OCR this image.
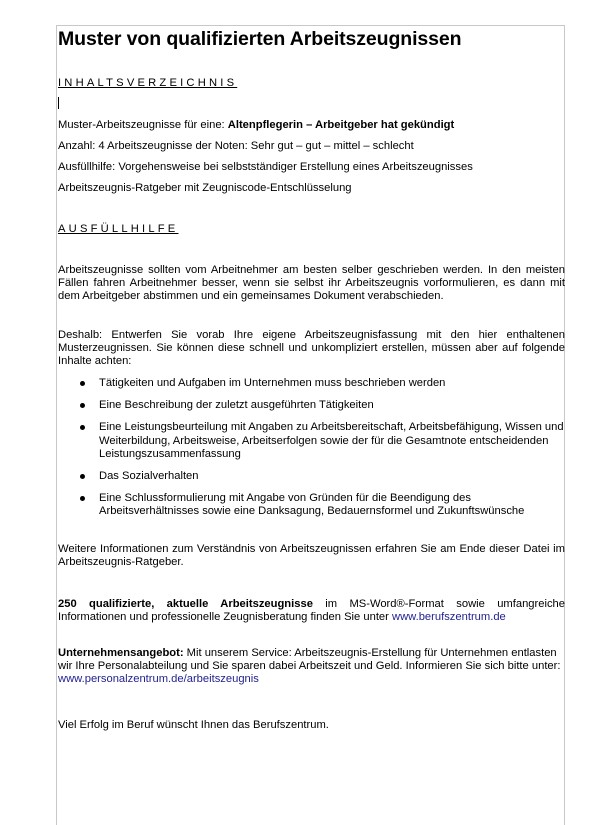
Muster von qualifizierten Arbeitszeugnissen
INHALTSVERZEICHNIS
Muster-Arbeitszeugnisse für eine: Altenpflegerin – Arbeitgeber hat gekündigt
Anzahl: 4 Arbeitszeugnisse der Noten: Sehr gut – gut – mittel – schlecht
Ausfüllhilfe: Vorgehensweise bei selbstständiger Erstellung eines Arbeitszeugnisses
Arbeitszeugnis-Ratgeber mit Zeugniscode-Entschlüsselung
AUSFÜLLHILFE
Arbeitszeugnisse sollten vom Arbeitnehmer am besten selber geschrieben werden. In den meisten Fällen fahren Arbeitnehmer besser, wenn sie selbst ihr Arbeitszeugnis vorformulieren, es dann mit dem Arbeitgeber abstimmen und ein gemeinsames Dokument verabschieden.
Deshalb: Entwerfen Sie vorab Ihre eigene Arbeitszeugnisfassung mit den hier enthaltenen Musterzeugnissen. Sie können diese schnell und unkompliziert erstellen, müssen aber auf folgende Inhalte achten:
Tätigkeiten und Aufgaben im Unternehmen muss beschrieben werden
Eine Beschreibung der zuletzt ausgeführten Tätigkeiten
Eine Leistungsbeurteilung mit Angaben zu Arbeitsbereitschaft, Arbeitsbefähigung, Wissen und Weiterbildung, Arbeitsweise, Arbeitserfolgen sowie der für die Gesamtnote entscheidenden Leistungszusammenfassung
Das Sozialverhalten
Eine Schlussformulierung mit Angabe von Gründen für die Beendigung des Arbeitsverhältnisses sowie eine Danksagung, Bedauernsformel und Zukunftswünsche
Weitere Informationen zum Verständnis von Arbeitszeugnissen erfahren Sie am Ende dieser Datei im Arbeitszeugnis-Ratgeber.
250 qualifizierte, aktuelle Arbeitszeugnisse im MS-Word®-Format sowie umfangreiche Informationen und professionelle Zeugnisberatung finden Sie unter www.berufszentrum.de
Unternehmensangebot: Mit unserem Service: Arbeitszeugnis-Erstellung für Unternehmen entlasten wir Ihre Personalabteilung und Sie sparen dabei Arbeitszeit und Geld. Informieren Sie sich bitte unter: www.personalzentrum.de/arbeitszeugnis
Viel Erfolg im Beruf wünscht Ihnen das Berufszentrum.
